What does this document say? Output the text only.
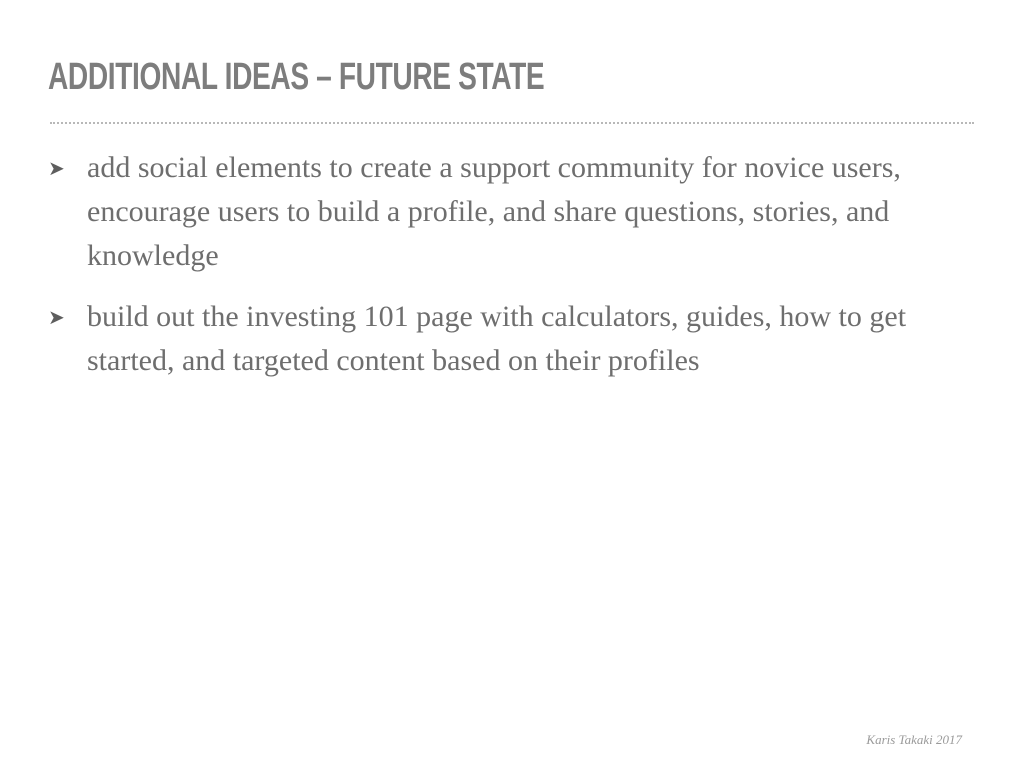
ADDITIONAL IDEAS – FUTURE STATE
➤ add social elements to create a support community for novice users, encourage users to build a profile, and share questions, stories, and knowledge
➤ build out the investing 101 page with calculators, guides, how to get started, and targeted content based on their profiles
Karis Takaki 2017
